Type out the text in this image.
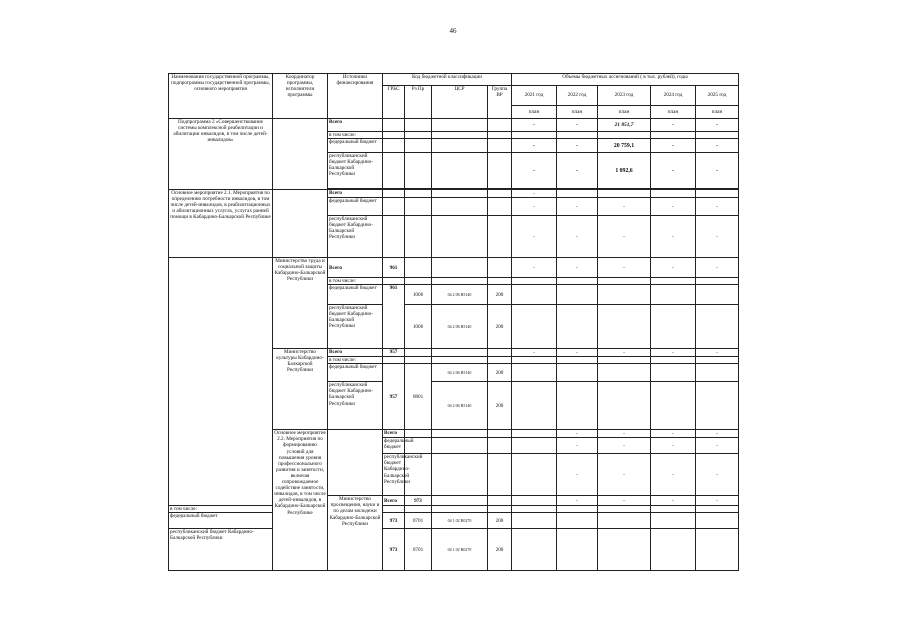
46
Наименования государственной программы, подпрограммы государственной программы, основного мероприятия	Координатор программы, исполнители программы	Источники финансирования	Код бюджетной классификации				Объемы бюджетных ассигнований ( в тыс. рублей), годы					
			ГРБС	Рз Пр	ЦСР	Группа ВР	2021 год	2022 год	2023 год	2024 год	2025 год	
							план	план	план	план	план	
Подпрограмма 2 «Совершенствование системы комплексной реабилитации и абилитации инвалидов, в том числе детей-инвалидов»		Всего					-	-	21 851,7	-	-	
		в том числе:										
		федеральный бюджет					-	-	20 759,1	-	-	
		республиканский бюджет Кабардино-Балкарской Республики					-	-	1 092,6	-	-	

Основное мероприятие 2.1. Мероприятия по определению потребности инвалидов, в том числе детей-инвалидов, в реабилитационных и абилитационных услугах, услугах ранней помощи в Кабардино-Балкарской Республике		Всего					-					
		федеральный бюджет					-	-	-	-	-	
		республиканский бюджет Кабардино-Балкарской Республики					-	-	-	-	-	
	Министерство труда и социальной защиты Кабардино-Балкарской Республики	Всего	961				-	-	-	-	-	
		в том числе:										
		федеральный бюджет	961	1006	04 2 06 R5140	200						
		республиканский бюджет Кабардино-Балкарской Республики		1006	04 2 06 R5140	200						
	Министерство культуры Кабардино-Балкарской Республики	Всего	957				-	-	-	-	-	
		в том числе:										
		федеральный бюджет	957	0801	04 2 06 R5140	200						
		республиканский бюджет Кабардино-Балкарской Республики			04 2 06 R5140	200						
	Основное мероприятие 2.2. Мероприятия по формированию условий для повышения уровня профессионального развития и занятости, включая сопровождаемое содействие занятости, инвалидов, в том числе детей-инвалидов, в Кабардино-Балкарской Республике		Всего					-	-	-	-	
			федеральный бюджет					-	-	-	-	
			республиканский бюджет Кабардино-Балкарской Республики					-	-	-	-	
		Министерство просвещения, науки и по делам молодежи Кабардино-Балкарской Республики	Всего	973				-	-	-	-	
в том числе:												
федеральный бюджет			973	0701	04 1 02 R0270	200						
республиканский бюджет Кабардино-Балкарской Республики			973	0701	04 1 02 R0270	200						
